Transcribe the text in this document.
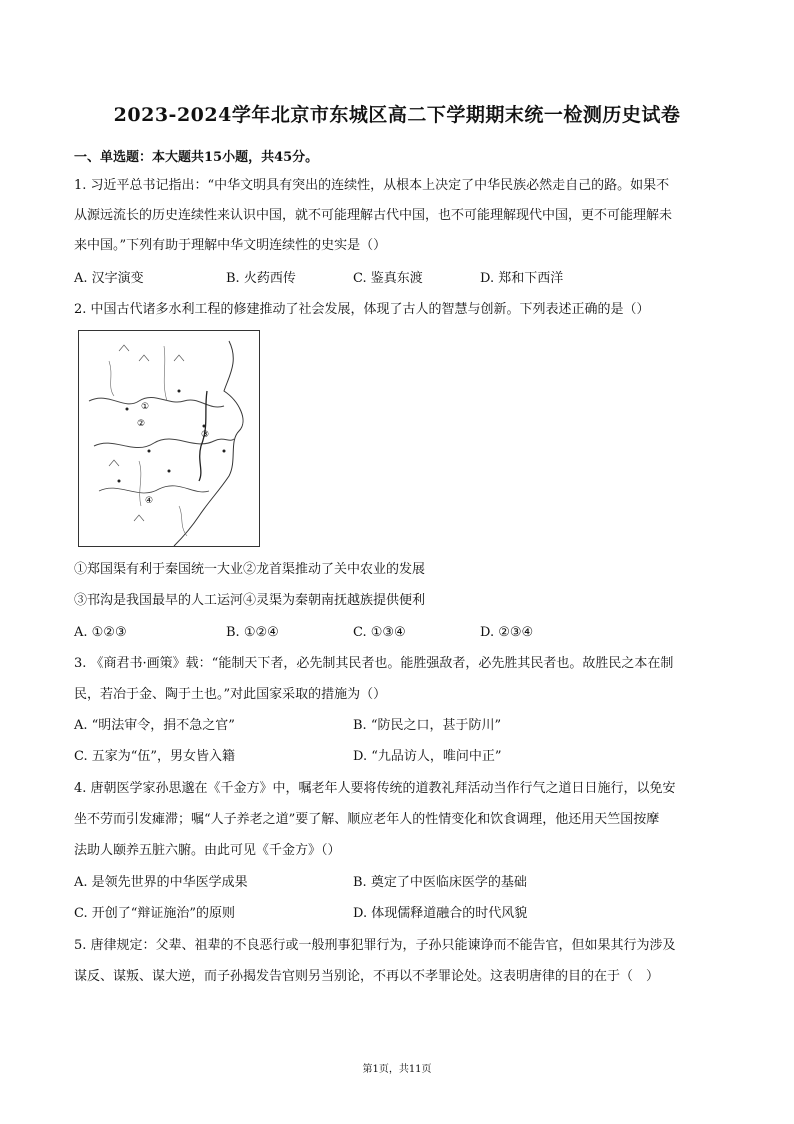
2023-2024学年北京市东城区高二下学期期末统一检测历史试卷
一、单选题：本大题共15小题，共45分。
1. 习近平总书记指出：“中华文明具有突出的连续性，从根本上决定了中华民族必然走自己的路。如果不
从源远流长的历史连续性来认识中国，就不可能理解古代中国，也不可能理解现代中国，更不可能理解未
来中国。”下列有助于理解中华文明连续性的史实是（）
A. 汉字演变	B. 火药西传	C. 鉴真东渡	D. 郑和下西洋
2. 中国古代诸多水利工程的修建推动了社会发展，体现了古人的智慧与创新。下列表述正确的是（）
①
②
③
④
①郑国渠有利于秦国统一大业②龙首渠推动了关中农业的发展
③邗沟是我国最早的人工运河④灵渠为秦朝南抚越族提供便利
A. ①②③	B. ①②④	C. ①③④	D. ②③④
3. 《商君书·画策》载：“能制天下者，必先制其民者也。能胜强敌者，必先胜其民者也。故胜民之本在制
民，若冶于金、陶于土也。”对此国家采取的措施为（）
A. “明法审令，捐不急之官”	B. “防民之口，甚于防川”
C. 五家为“伍”，男女皆入籍	D. “九品访人，唯问中正”
4. 唐朝医学家孙思邈在《千金方》中，嘱老年人要将传统的道教礼拜活动当作行气之道日日施行，以免安
坐不劳而引发瘫滞；嘱“人子养老之道”要了解、顺应老年人的性情变化和饮食调理，他还用天竺国按摩
法助人颐养五脏六腑。由此可见《千金方》（）
A. 是领先世界的中华医学成果	B. 奠定了中医临床医学的基础
C. 开创了“辩证施治”的原则	D. 体现儒释道融合的时代风貌
5. 唐律规定：父辈、祖辈的不良恶行或一般刑事犯罪行为，子孙只能谏诤而不能告官，但如果其行为涉及
谋反、谋叛、谋大逆，而子孙揭发告官则另当别论，不再以不孝罪论处。这表明唐律的目的在于（　）
第1页，共11页
